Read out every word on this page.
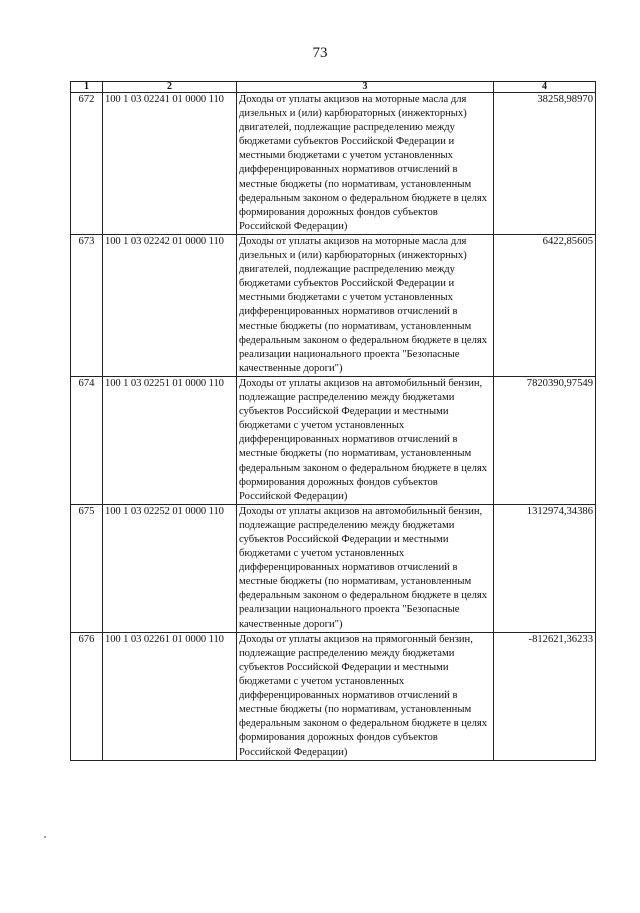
73
1	2	3	4
672	100 1 03 02241 01 0000 110	Доходы от уплаты акцизов на моторные масла для дизельных и (или) карбюраторных (инжекторных) двигателей, подлежащие распределению между бюджетами субъектов Российской Федерации и местными бюджетами с учетом установленных дифференцированных нормативов отчислений в местные бюджеты (по нормативам, установленным федеральным законом о федеральном бюджете в целях формирования дорожных фондов субъектов Российской Федерации)	38258,98970
673	100 1 03 02242 01 0000 110	Доходы от уплаты акцизов на моторные масла для дизельных и (или) карбюраторных (инжекторных) двигателей, подлежащие распределению между бюджетами субъектов Российской Федерации и местными бюджетами с учетом установленных дифференцированных нормативов отчислений в местные бюджеты (по нормативам, установленным федеральным законом о федеральном бюджете в целях реализации национального проекта "Безопасные качественные дороги")	6422,85605
674	100 1 03 02251 01 0000 110	Доходы от уплаты акцизов на автомобильный бензин, подлежащие распределению между бюджетами субъектов Российской Федерации и местными бюджетами с учетом установленных дифференцированных нормативов отчислений в местные бюджеты (по нормативам, установленным федеральным законом о федеральном бюджете в целях формирования дорожных фондов субъектов Российской Федерации)	7820390,97549
675	100 1 03 02252 01 0000 110	Доходы от уплаты акцизов на автомобильный бензин, подлежащие распределению между бюджетами субъектов Российской Федерации и местными бюджетами с учетом установленных дифференцированных нормативов отчислений в местные бюджеты (по нормативам, установленным федеральным законом о федеральном бюджете в целях реализации национального проекта "Безопасные качественные дороги")	1312974,34386
676	100 1 03 02261 01 0000 110	Доходы от уплаты акцизов на прямогонный бензин, подлежащие распределению между бюджетами субъектов Российской Федерации и местными бюджетами с учетом установленных дифференцированных нормативов отчислений в местные бюджеты (по нормативам, установленным федеральным законом о федеральном бюджете в целях формирования дорожных фондов субъектов Российской Федерации)	-812621,36233
